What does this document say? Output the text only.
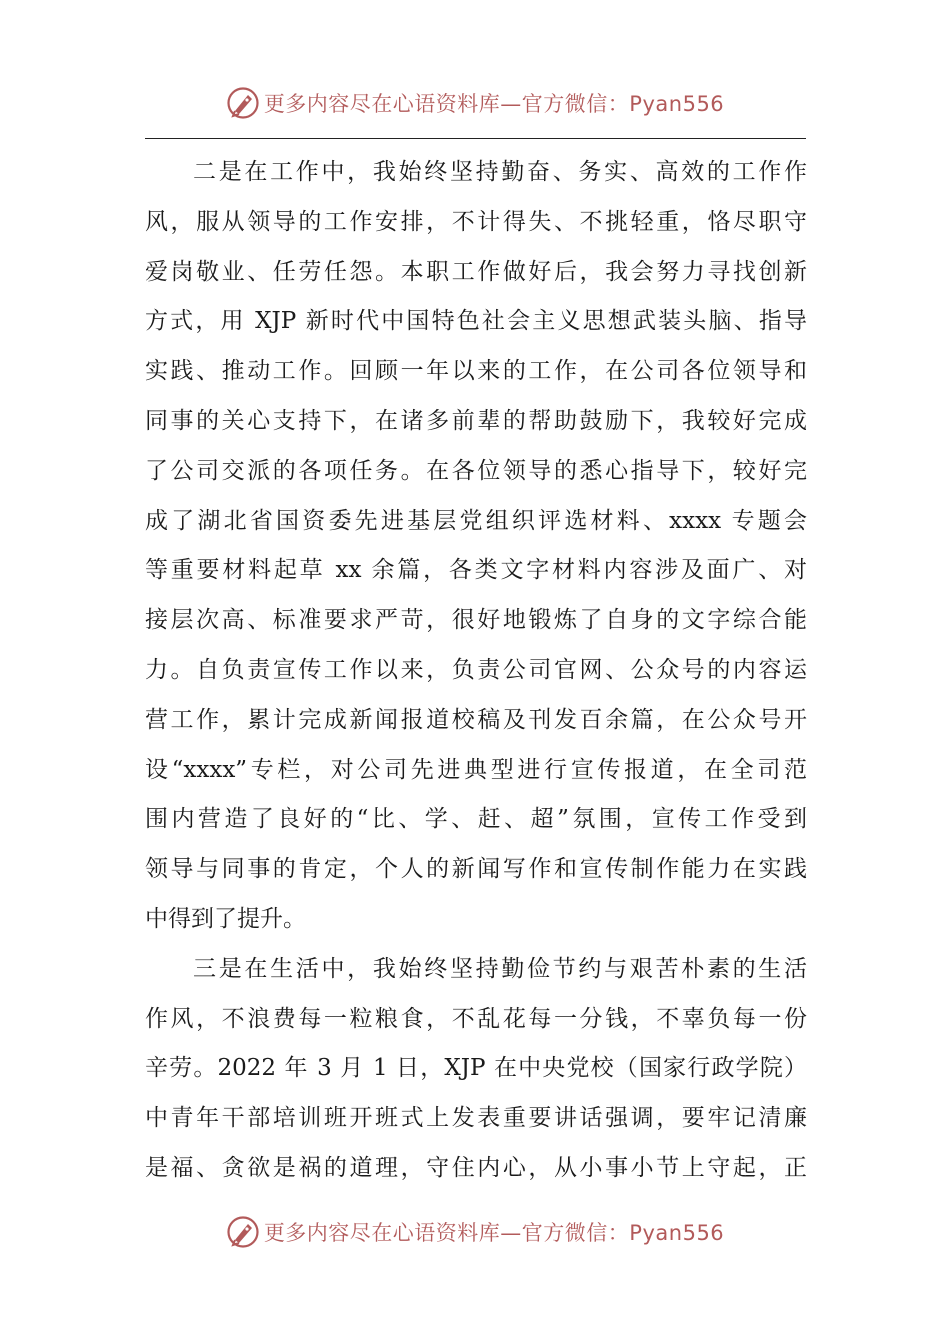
更多内容尽在心语资料库—官方微信：Pyan556

二是在工作中，我始终坚持勤奋、务实、高效的工作作

风，服从领导的工作安排，不计得失、不挑轻重，恪尽职守

爱岗敬业、任劳任怨。本职工作做好后，我会努力寻找创新

方式，用 XJP 新时代中国特色社会主义思想武装头脑、指导

实践、推动工作。回顾一年以来的工作，在公司各位领导和

同事的关心支持下，在诸多前辈的帮助鼓励下，我较好完成

了公司交派的各项任务。在各位领导的悉心指导下，较好完

成了湖北省国资委先进基层党组织评选材料、xxxx 专题会

等重要材料起草 xx 余篇，各类文字材料内容涉及面广、对

接层次高、标准要求严苛，很好地锻炼了自身的文字综合能

力。自负责宣传工作以来，负责公司官网、公众号的内容运

营工作，累计完成新闻报道校稿及刊发百余篇，在公众号开

设“xxxx”专栏，对公司先进典型进行宣传报道，在全司范

围内营造了良好的“比、学、赶、超”氛围，宣传工作受到

领导与同事的肯定，个人的新闻写作和宣传制作能力在实践

中得到了提升。

三是在生活中，我始终坚持勤俭节约与艰苦朴素的生活

作风，不浪费每一粒粮食，不乱花每一分钱，不辜负每一份

辛劳。2022 年 3 月 1 日，XJP 在中央党校（国家行政学院）

中青年干部培训班开班式上发表重要讲话强调，要牢记清廉

是福、贪欲是祸的道理，守住内心，从小事小节上守起，正

更多内容尽在心语资料库—官方微信：Pyan556
